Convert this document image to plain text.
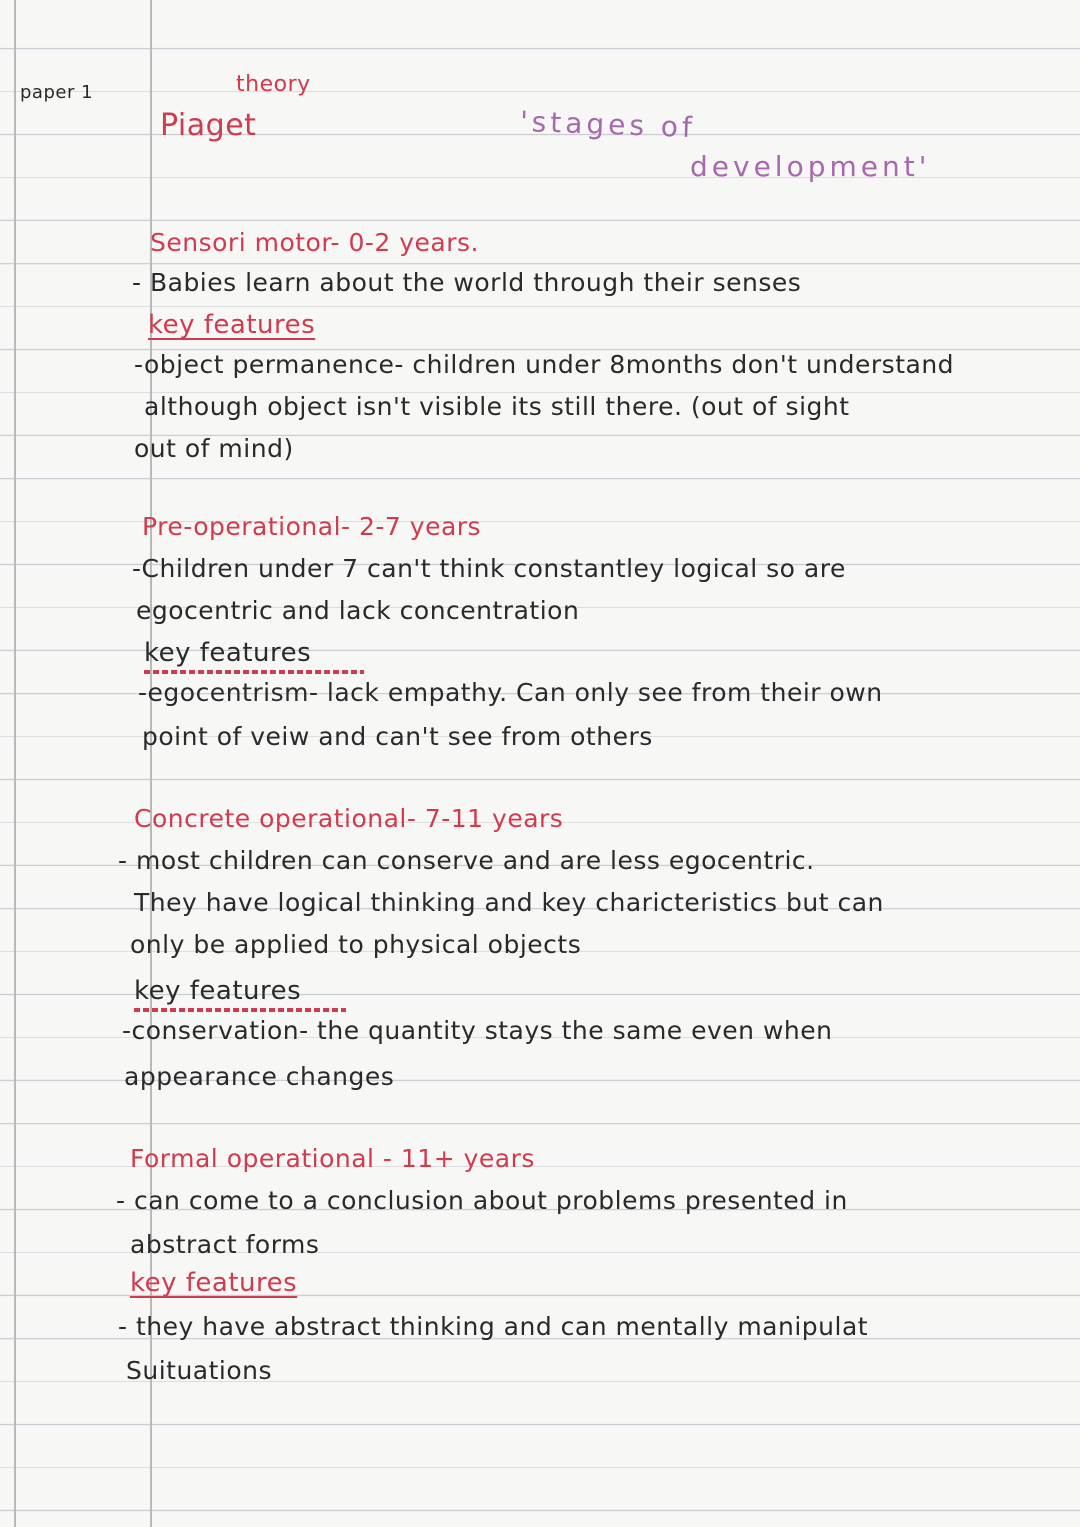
paper 1	theory
Piaget	'stages of
development'
Sensori motor- 0-2 years.
- Babies learn about the world through their senses
key features
-object permanence- children under 8months don't understand
although object isn't visible its still there. (out of sight
out of mind)
Pre-operational- 2-7 years
-Children under 7 can't think constantley logical so are
egocentric and lack concentration
key features
-egocentrism- lack empathy. Can only see from their own
point of veiw and can't see from others
Concrete operational- 7-11 years
- most children can conserve and are less egocentric.
They have logical thinking and key charicteristics but can
only be applied to physical objects
key features
-conservation- the quantity stays the same even when
appearance changes
Formal operational - 11+ years
- can come to a conclusion about problems presented in
abstract forms
key features
- they have abstract thinking and can mentally manipulat
Suituations
